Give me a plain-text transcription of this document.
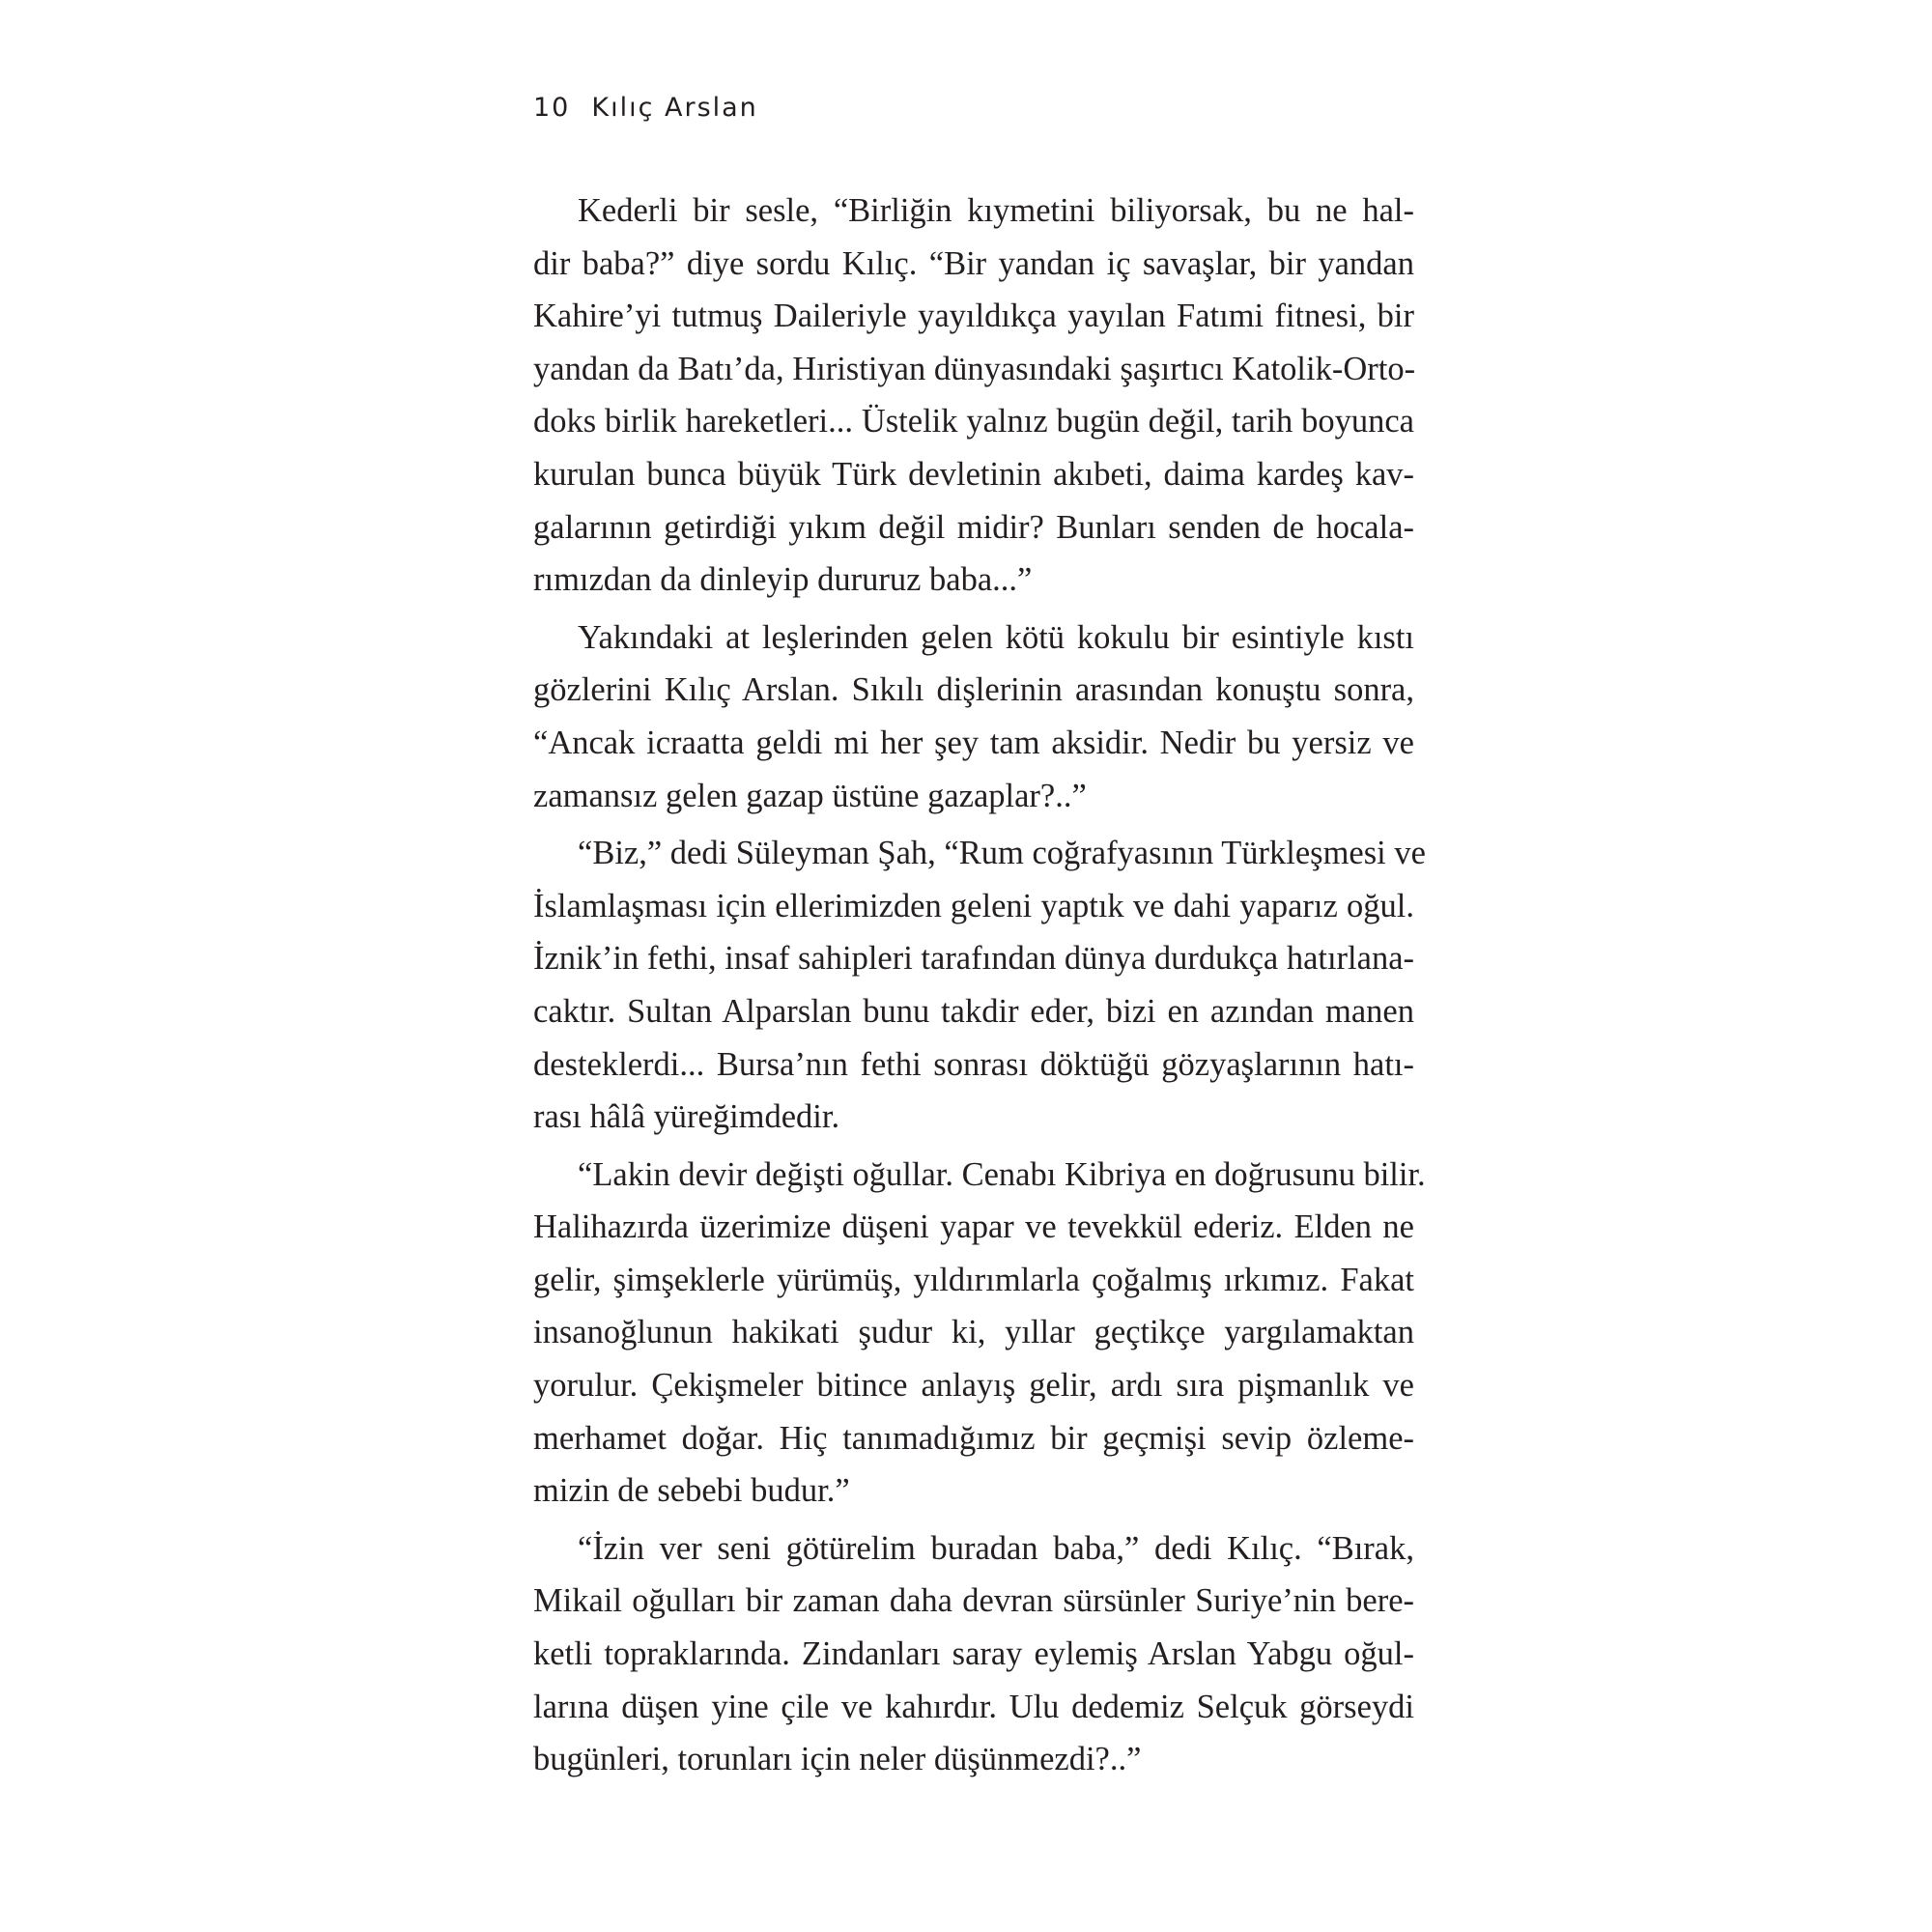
10 Kılıç Arslan
Kederli bir sesle, “Birliğin kıymetini biliyorsak, bu ne hal-
dir baba?” diye sordu Kılıç. “Bir yandan iç savaşlar, bir yandan
Kahire’yi tutmuş Daileriyle yayıldıkça yayılan Fatımi fitnesi, bir
yandan da Batı’da, Hıristiyan dünyasındaki şaşırtıcı Katolik-Orto-
doks birlik hareketleri... Üstelik yalnız bugün değil, tarih boyunca
kurulan bunca büyük Türk devletinin akıbeti, daima kardeş kav-
galarının getirdiği yıkım değil midir? Bunları senden de hocala-
rımızdan da dinleyip dururuz baba...”
Yakındaki at leşlerinden gelen kötü kokulu bir esintiyle kıstı
gözlerini Kılıç Arslan. Sıkılı dişlerinin arasından konuştu sonra,
“Ancak icraatta geldi mi her şey tam aksidir. Nedir bu yersiz ve
zamansız gelen gazap üstüne gazaplar?..”
“Biz,” dedi Süleyman Şah, “Rum coğrafyasının Türkleşmesi ve
İslamlaşması için ellerimizden geleni yaptık ve dahi yaparız oğul.
İznik’in fethi, insaf sahipleri tarafından dünya durdukça hatırlana-
caktır. Sultan Alparslan bunu takdir eder, bizi en azından manen
desteklerdi... Bursa’nın fethi sonrası döktüğü gözyaşlarının hatı-
rası hâlâ yüreğimdedir.
“Lakin devir değişti oğullar. Cenabı Kibriya en doğrusunu bilir.
Halihazırda üzerimize düşeni yapar ve tevekkül ederiz. Elden ne
gelir, şimşeklerle yürümüş, yıldırımlarla çoğalmış ırkımız. Fakat
insanoğlunun hakikati şudur ki, yıllar geçtikçe yargılamaktan
yorulur. Çekişmeler bitince anlayış gelir, ardı sıra pişmanlık ve
merhamet doğar. Hiç tanımadığımız bir geçmişi sevip özleme-
mizin de sebebi budur.”
“İzin ver seni götürelim buradan baba,” dedi Kılıç. “Bırak,
Mikail oğulları bir zaman daha devran sürsünler Suriye’nin bere-
ketli topraklarında. Zindanları saray eylemiş Arslan Yabgu oğul-
larına düşen yine çile ve kahırdır. Ulu dedemiz Selçuk görseydi
bugünleri, torunları için neler düşünmezdi?..”
